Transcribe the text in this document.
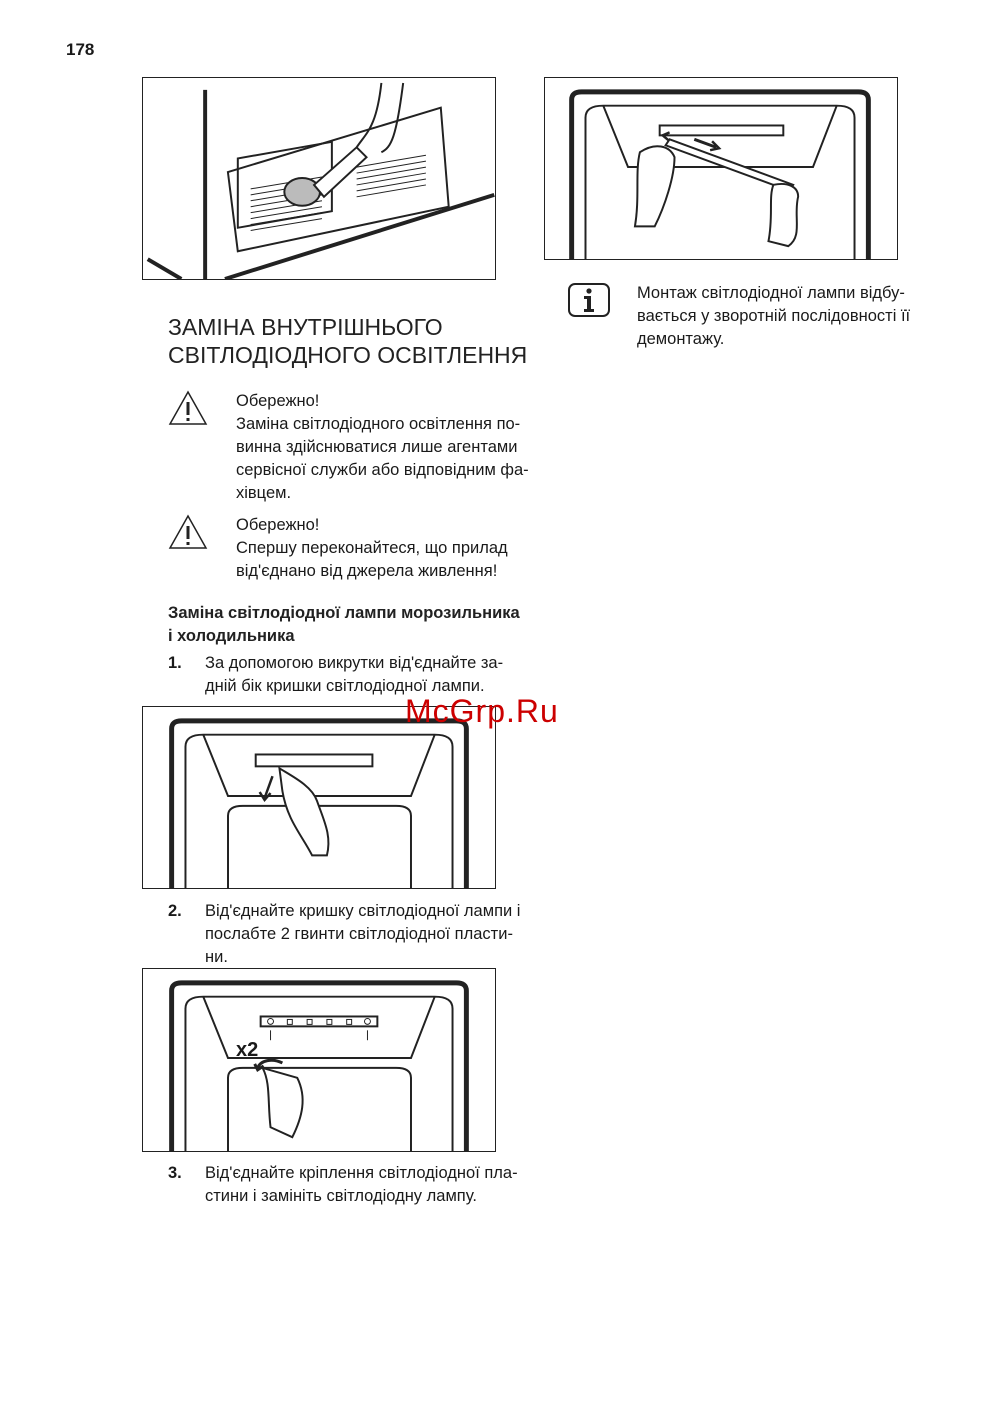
178
ЗАМІНА ВНУТРІШНЬОГО СВІТЛОДІОДНОГО ОСВІТЛЕННЯ
Обережно!
Заміна світлодіодного освітлення по-винна здійснюватися лише агентами сервісної служби або відповідним фа-хівцем.
Обережно!
Спершу переконайтеся, що прилад від'єднано від джерела живлення!
Заміна світлодіодної лампи морозильника і холодильника
1. За допомогою викрутки від'єднайте за-дній бік кришки світлодіодної лампи.
2. Від'єднайте кришку світлодіодної лампи і послабте 2 гвинти світлодіодної пласти-ни.
x2
3. Від'єднайте кріплення світлодіодної пла-стини і замініть світлодіодну лампу.
Монтаж світлодіодної лампи відбу-вається у зворотній послідовності її демонтажу.
McGrp.Ru
